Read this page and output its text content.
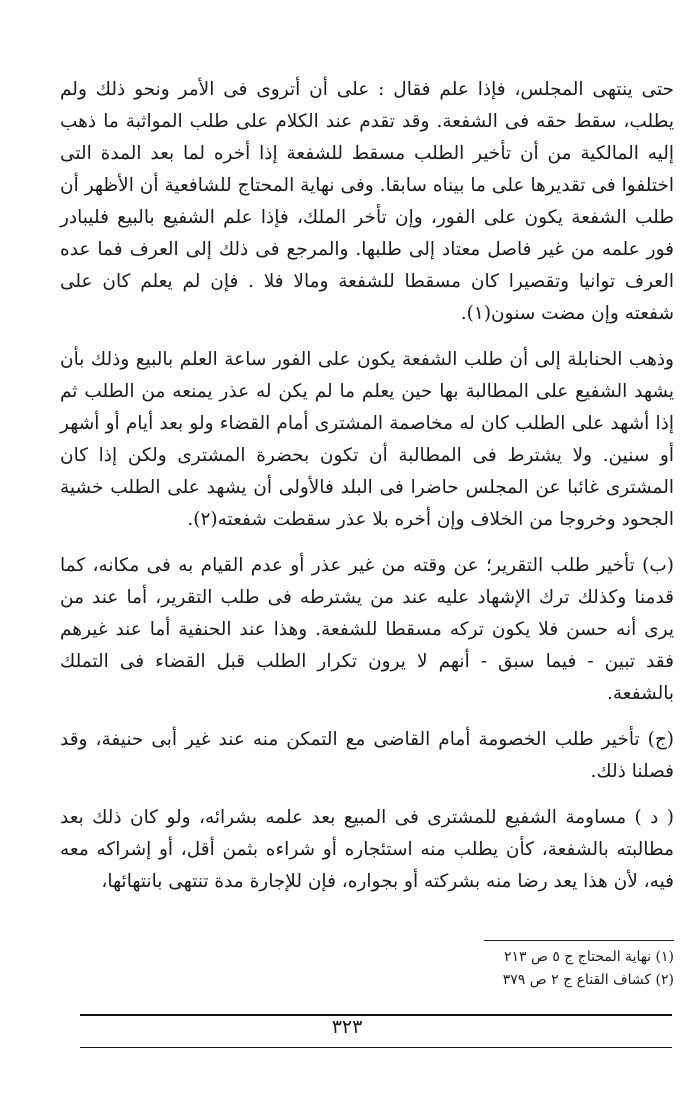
حتى ينتهى المجلس، فإذا علم فقال : على أن أتروى فى الأمر ونحو ذلك ولم يطلب، سقط حقه فى الشفعة. وقد تقدم عند الكلام على طلب المواثبة ما ذهب إليه المالكية من أن تأخير الطلب مسقط للشفعة إذا أخره لما بعد المدة التى اختلفوا فى تقديرها على ما بيناه سابقا. وفى نهاية المحتاج للشافعية أن الأظهر أن طلب الشفعة يكون على الفور، وإن تأخر الملك، فإذا علم الشفيع بالبيع فليبادر فور علمه من غير فاصل معتاد إلى طلبها. والمرجع فى ذلك إلى العرف فما عده العرف توانيا وتقصيرا كان مسقطا للشفعة ومالا فلا . فإن لم يعلم كان على شفعته وإن مضت سنون(١).

وذهب الحنابلة إلى أن طلب الشفعة يكون على الفور ساعة العلم بالبيع وذلك بأن يشهد الشفيع على المطالبة بها حين يعلم ما لم يكن له عذر يمنعه من الطلب ثم إذا أشهد على الطلب كان له مخاصمة المشترى أمام القضاء ولو بعد أيام أو أشهر أو سنين. ولا يشترط فى المطالبة أن تكون بحضرة المشترى ولكن إذا كان المشترى غائبا عن المجلس حاضرا فى البلد فالأولى أن يشهد على الطلب خشية الجحود وخروجا من الخلاف وإن أخره بلا عذر سقطت شفعته(٢).

(ب) تأخير طلب التقرير؛ عن وقته من غير عذر أو عدم القيام به فى مكانه، كما قدمنا وكذلك ترك الإشهاد عليه عند من يشترطه فى طلب التقرير، أما عند من يرى أنه حسن فلا يكون تركه مسقطا للشفعة. وهذا عند الحنفية أما عند غيرهم فقد تبين - فيما سبق - أنهم لا يرون تكرار الطلب قبل القضاء فى التملك بالشفعة.

(ج) تأخير طلب الخصومة أمام القاضى مع التمكن منه عند غير أبى حنيفة، وقد فصلنا ذلك.

( د ) مساومة الشفيع للمشترى فى المبيع بعد علمه بشرائه، ولو كان ذلك بعد مطالبته بالشفعة، كأن يطلب منه استئجاره أو شراءه بثمن أقل، أو إشراكه معه فيه، لأن هذا يعد رضا منه بشركته أو بجواره، فإن للإجارة مدة تنتهى بانتهائها،

(١) نهاية المحتاج ج ٥ ص ٢١٣

(٢) كشاف القناع ج ٢ ص ٣٧٩

٣٢٣
